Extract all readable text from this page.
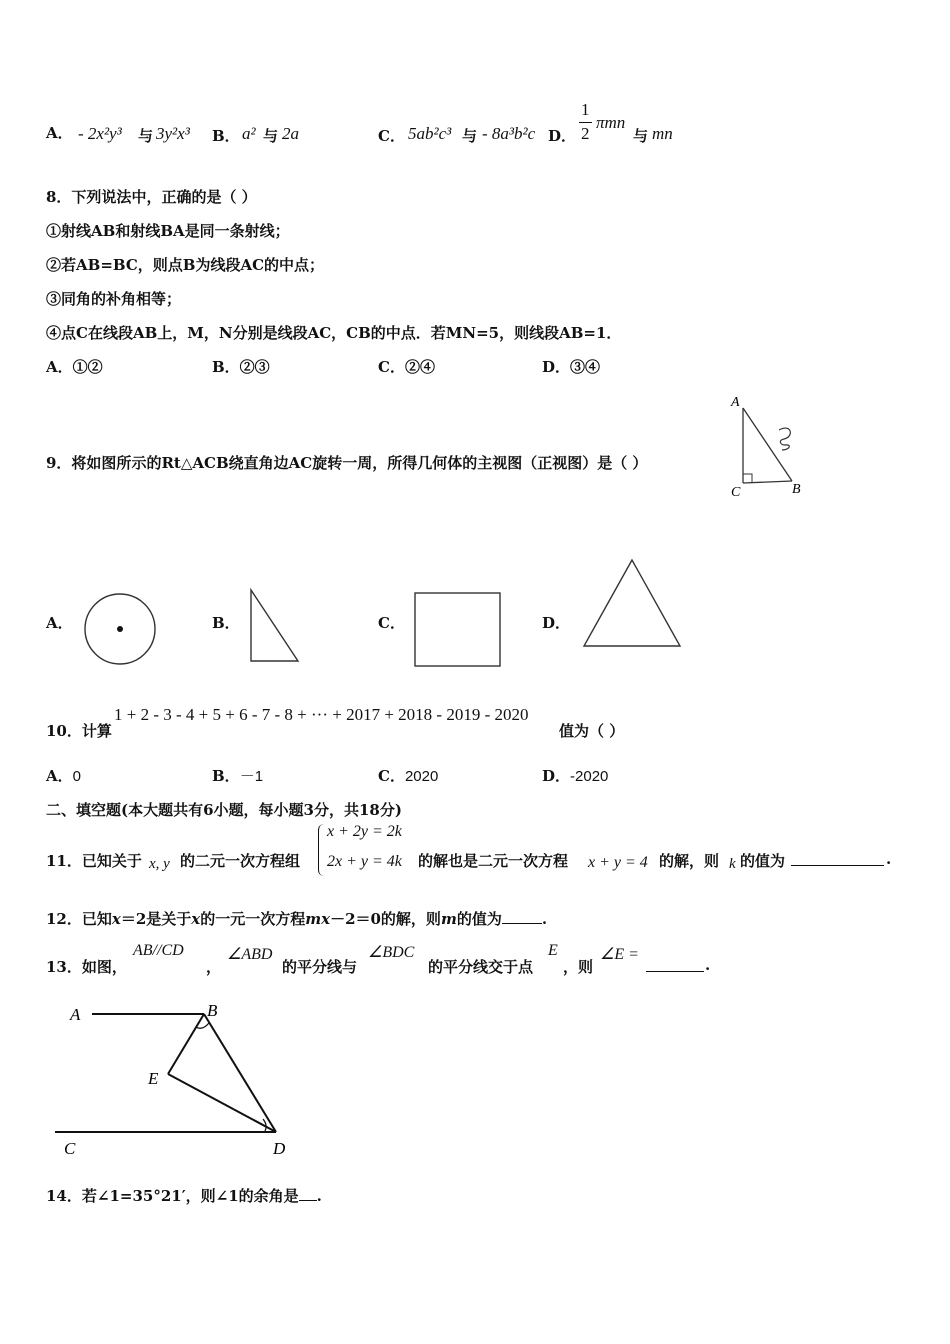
A． - 2x²y³ 与 3y²x³ B． a² 与 2a	C． 5ab²c³ 与 - 8a³b²c D．
1
2
πmn
与 mn
8．下列说法中，正确的是（ ）
①射线AB和射线BA是同一条射线；
②若AB=BC，则点B为线段AC的中点；
③同角的补角相等；
④点C在线段AB上，M，N分别是线段AC，CB的中点．若MN=5，则线段AB=1．
A．①②	B．②③	C．②④	D．③④
9．将如图所示的Rt△ACB绕直角边AC旋转一周，所得几何体的主视图（正视图）是（ ）
A
C	B
A．	B．	C．	D．
10．计算
1 + 2 - 3 - 4 + 5 + 6 - 7 - 8 + ··· + 2017 + 2018 - 2019 - 2020
值为（ ）
A．0	B．－1	C．2020	D．-2020
二、填空题(本大题共有6小题，每小题3分，共18分)
11．已知关于 x, y 的二元一次方程组
x + 2y = 2k
2x + y = 4k 的解也是二元一次方程 x + y = 4 的解，则 k 的值为	.
12．已知x＝2是关于x的一元一次方程mx－2＝0的解，则m的值为	.
13．如图，
AB//CD
，
∠ABD
的平分线与
∠BDC
的平分线交于点
E
，则
∠E =
.
A	B
E
C	D
14．若∠1=35°21′，则∠1的余角是 .
